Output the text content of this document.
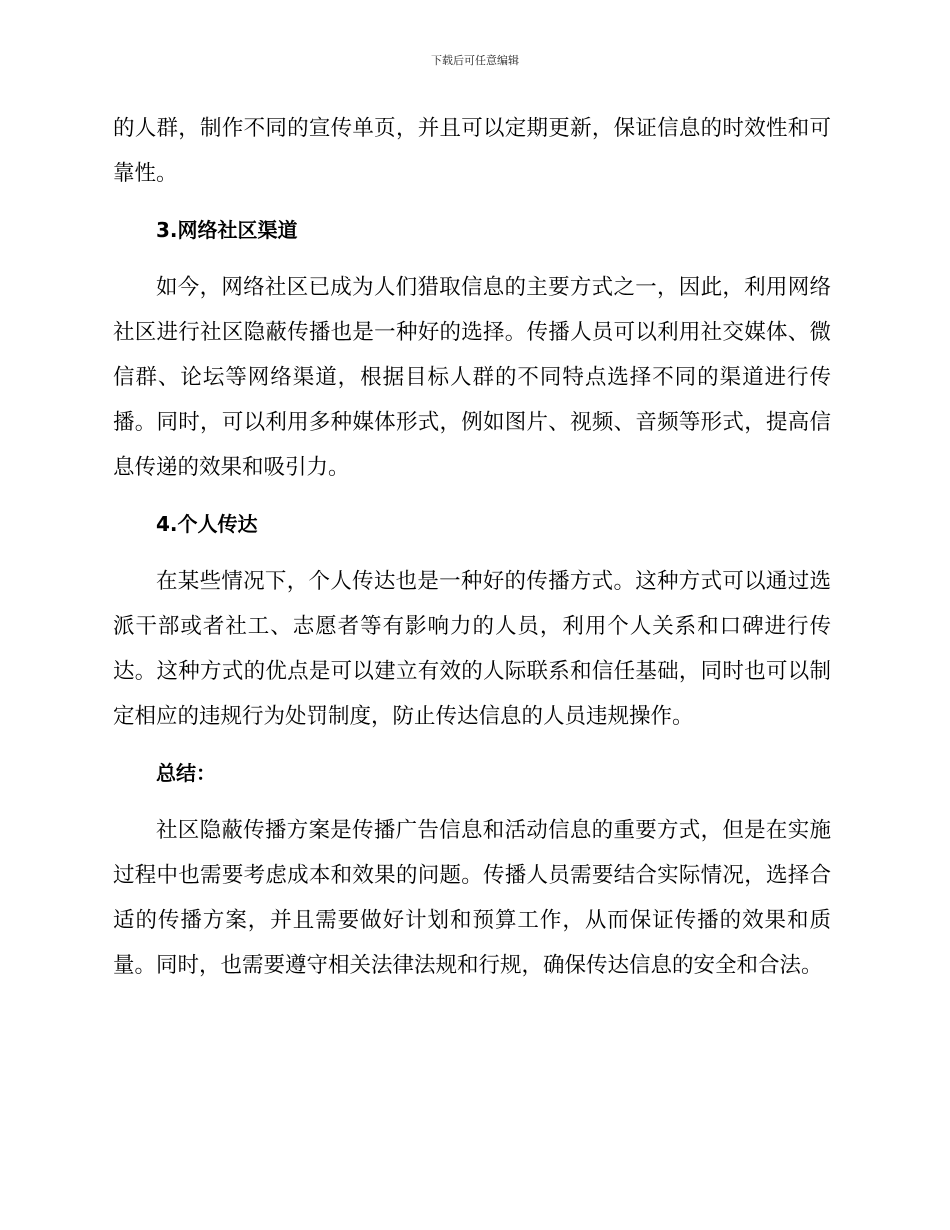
下载后可任意编辑

的人群，制作不同的宣传单页，并且可以定期更新，保证信息的时效性和可靠性。

3.网络社区渠道

如今，网络社区已成为人们猎取信息的主要方式之一，因此，利用网络社区进行社区隐蔽传播也是一种好的选择。传播人员可以利用社交媒体、微信群、论坛等网络渠道，根据目标人群的不同特点选择不同的渠道进行传播。同时，可以利用多种媒体形式，例如图片、视频、音频等形式，提高信息传递的效果和吸引力。

4.个人传达

在某些情况下，个人传达也是一种好的传播方式。这种方式可以通过选派干部或者社工、志愿者等有影响力的人员，利用个人关系和口碑进行传达。这种方式的优点是可以建立有效的人际联系和信任基础，同时也可以制定相应的违规行为处罚制度，防止传达信息的人员违规操作。

总结：

社区隐蔽传播方案是传播广告信息和活动信息的重要方式，但是在实施过程中也需要考虑成本和效果的问题。传播人员需要结合实际情况，选择合适的传播方案，并且需要做好计划和预算工作，从而保证传播的效果和质量。同时，也需要遵守相关法律法规和行规，确保传达信息的安全和合法。
